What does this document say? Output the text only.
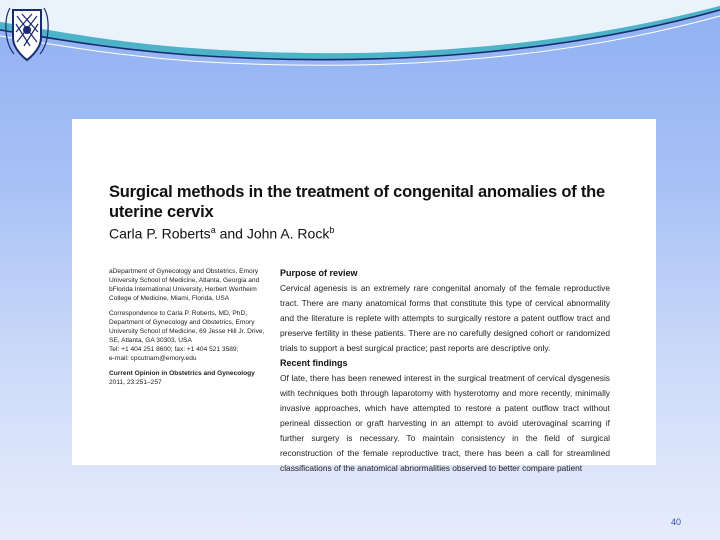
Surgical methods in the treatment of congenital anomalies of the uterine cervix

Carla P. Roberts$^a$ and John A. Rock$^b$

aDepartment of Gynecology and Obstetrics, Emory University School of Medicine, Atlanta, Georgia and bFlorida International University, Herbert Wertheim College of Medicine, Miami, Florida, USA

Correspondence to Carla P. Roberts, MD, PhD, Department of Gynecology and Obstetrics, Emory University School of Medicine, 69 Jesse Hill Jr. Drive, SE, Atlanta, GA 30303, USA
Tel: +1 404 251 8600; fax: +1 404 521 3589;
e-mail: cpcutnam@emory.edu

Current Opinion in Obstetrics and Gynecology

2011, 23:251–257

Purpose of review

Cervical agenesis is an extremely rare congenital anomaly of the female reproductive tract. There are many anatomical forms that constitute this type of cervical abnormality and the literature is replete with attempts to surgically restore a patent outflow tract and preserve fertility in these patients. There are no carefully designed cohort or randomized trials to support a best surgical practice; past reports are descriptive only.

Recent findings

Of late, there has been renewed interest in the surgical treatment of cervical dysgenesis with techniques both through laparotomy with hysterotomy and more recently, minimally invasive approaches, which have attempted to restore a patent outflow tract without perineal dissection or graft harvesting in an attempt to avoid uterovaginal scarring if further surgery is necessary. To maintain consistency in the field of surgical reconstruction of the female reproductive tract, there has been a call for streamlined classifications of the anatomical abnormalities observed to better compare patient

40
